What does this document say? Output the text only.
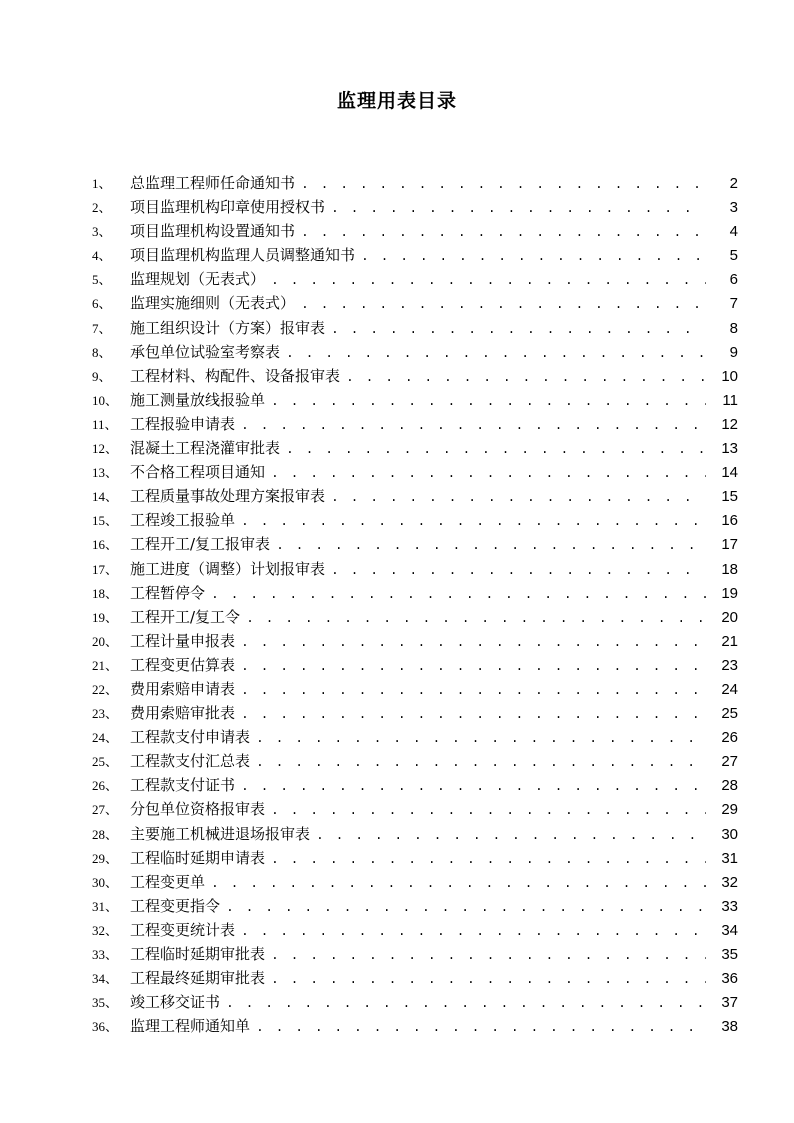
监理用表目录
1、	总监理工程师任命通知书 . . .	2
2、	项目监理机构印章使用授权书 . . .	3
3、	项目监理机构设置通知书 . . .	4
4、	项目监理机构监理人员调整通知书 . . .	5
5、	监理规划（无表式） . . .	6
6、	监理实施细则（无表式） . . .	7
7、	施工组织设计（方案）报审表 . . .	8
8、	承包单位试验室考察表 . . .	9
9、	工程材料、构配件、设备报审表 . . .	10
10、 施工测量放线报验单 . . .	11
11、 工程报验申请表 . . .	12
12、 混凝土工程浇灌审批表 . . .	13
13、 不合格工程项目通知 . . .	14
14、 工程质量事故处理方案报审表 . . .	15
15、 工程竣工报验单 . . .	16
16、 工程开工/复工报审表 . . .	17
17、 施工进度（调整）计划报审表 . . .	18
18、 工程暂停令 . . .	19
19、 工程开工/复工令 . . .	20
20、 工程计量申报表 . . .	21
21、 工程变更估算表 . . .	23
22、 费用索赔申请表 . . .	24
23、 费用索赔审批表 . . .	25
24、 工程款支付申请表 . . .	26
25、 工程款支付汇总表 . . .	27
26、 工程款支付证书 . . .	28
27、 分包单位资格报审表 . . .	29
28、 主要施工机械进退场报审表 . . .	30
29、 工程临时延期申请表 . . .	31
30、 工程变更单 . . .	32
31、 工程变更指令 . . .	33
32、 工程变更统计表 . . .	34
33、 工程临时延期审批表 . . .	35
34、 工程最终延期审批表 . . .	36
35、 竣工移交证书 . . .	37
36、 监理工程师通知单 . . .	38
